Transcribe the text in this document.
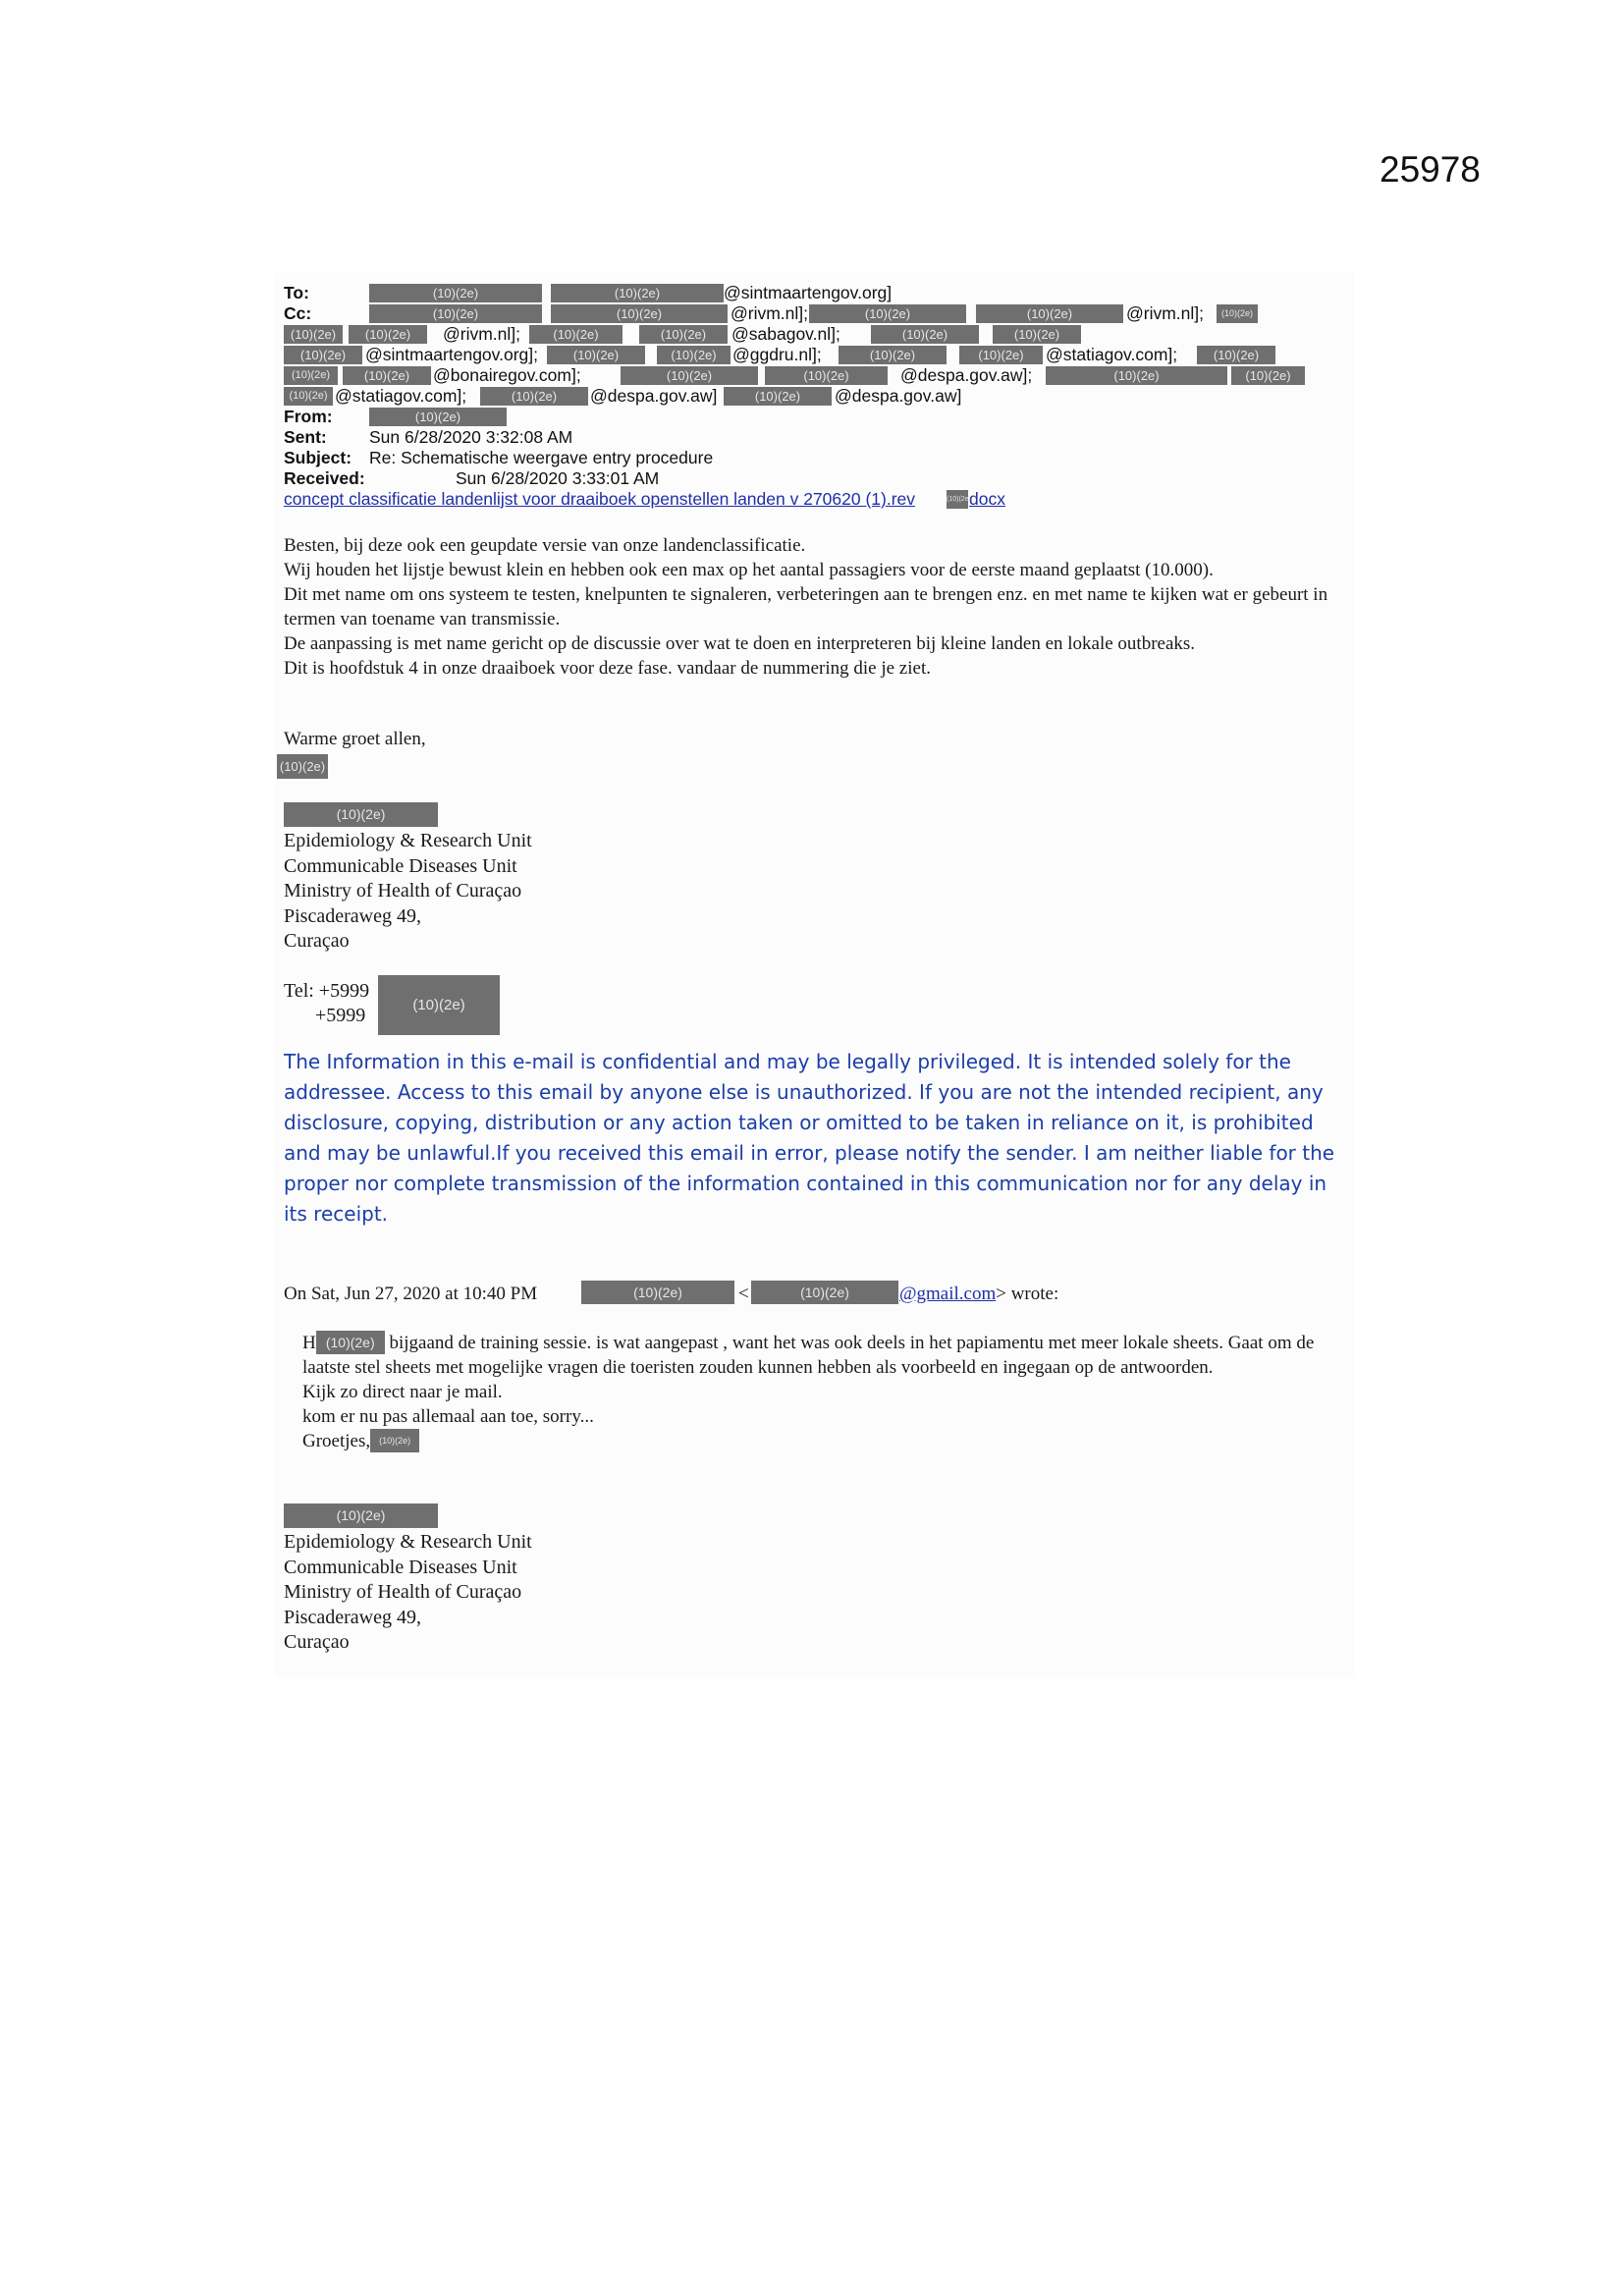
25978
To:	(10)(2e)	(10)(2e)	@sintmaartengov.org]
Cc:	(10)(2e)	(10)(2e)	@rivm.nl];	(10)(2e)	(10)(2e)	@rivm.nl];	(10)(2e)
(10)(2e)	(10)(2e)	@rivm.nl];	(10)(2e)	(10)(2e)	@sabagov.nl];	(10)(2e)	(10)(2e)
(10)(2e)	@sintmaartengov.org];	(10)(2e)	(10)(2e) @ggdru.nl];	(10)(2e)	(10)(2e)	@statiagov.com];	(10)(2e)
(10)(2e)	(10)(2e)	@bonairegov.com];	(10)(2e)	(10)(2e)	@despa.gov.aw];	(10)(2e)	(10)(2e)
(10)(2e) @statiagov.com];	(10)(2e)	@despa.gov.aw]	(10)(2e)	@despa.gov.aw]
From:	(10)(2e)
Sent: Sun 6/28/2020 3:32:08 AM
Subject: Re: Schematische weergave entry procedure
Received:	Sun 6/28/2020 3:33:01 AM
concept classificatie landenlijst voor draaiboek openstellen landen v 270620 (1).rev	(10)(2e)
docx
Besten, bij deze ook een geupdate versie van onze landenclassificatie.
Wij houden het lijstje bewust klein en hebben ook een max op het aantal passagiers voor de eerste maand geplaatst (10.000).
Dit met name om ons systeem te testen, knelpunten te signaleren, verbeteringen aan te brengen enz. en met name te kijken wat er gebeurt in termen van toename van transmissie.
De aanpassing is met name gericht op de discussie over wat te doen en interpreteren bij kleine landen en lokale outbreaks.
Dit is hoofdstuk 4 in onze draaiboek voor deze fase. vandaar de nummering die je ziet.
Warme groet allen,
(10)(2e)
(10)(2e)
Epidemiology & Research Unit
Communicable Diseases Unit
Ministry of Health of Curaçao
Piscaderaweg 49,
Curaçao
Tel: +5999
+5999	(10)(2e)
The Information in this e-mail is confidential and may be legally privileged. It is intended solely for the addressee. Access to this email by anyone else is unauthorized. If you are not the intended recipient, any disclosure, copying, distribution or any action taken or omitted to be taken in reliance on it, is prohibited and may be unlawful.If you received this email in error, please notify the sender. I am neither liable for the proper nor complete transmission of the information contained in this communication nor for any delay in its receipt.
On Sat, Jun 27, 2020 at 10:40 PM	(10)(2e)	<	(10)(2e)	@gmail.com> wrote:
H (10)(2e) bijgaand de training sessie. is wat aangepast , want het was ook deels in het papiamentu met meer lokale sheets. Gaat om de laatste stel sheets met mogelijke vragen die toeristen zouden kunnen hebben als voorbeeld en ingegaan op de antwoorden.
Kijk zo direct naar je mail.
kom er nu pas allemaal aan toe, sorry...
Groetjes, (10)(2e)
(10)(2e)
Epidemiology & Research Unit
Communicable Diseases Unit
Ministry of Health of Curaçao
Piscaderaweg 49,
Curaçao
